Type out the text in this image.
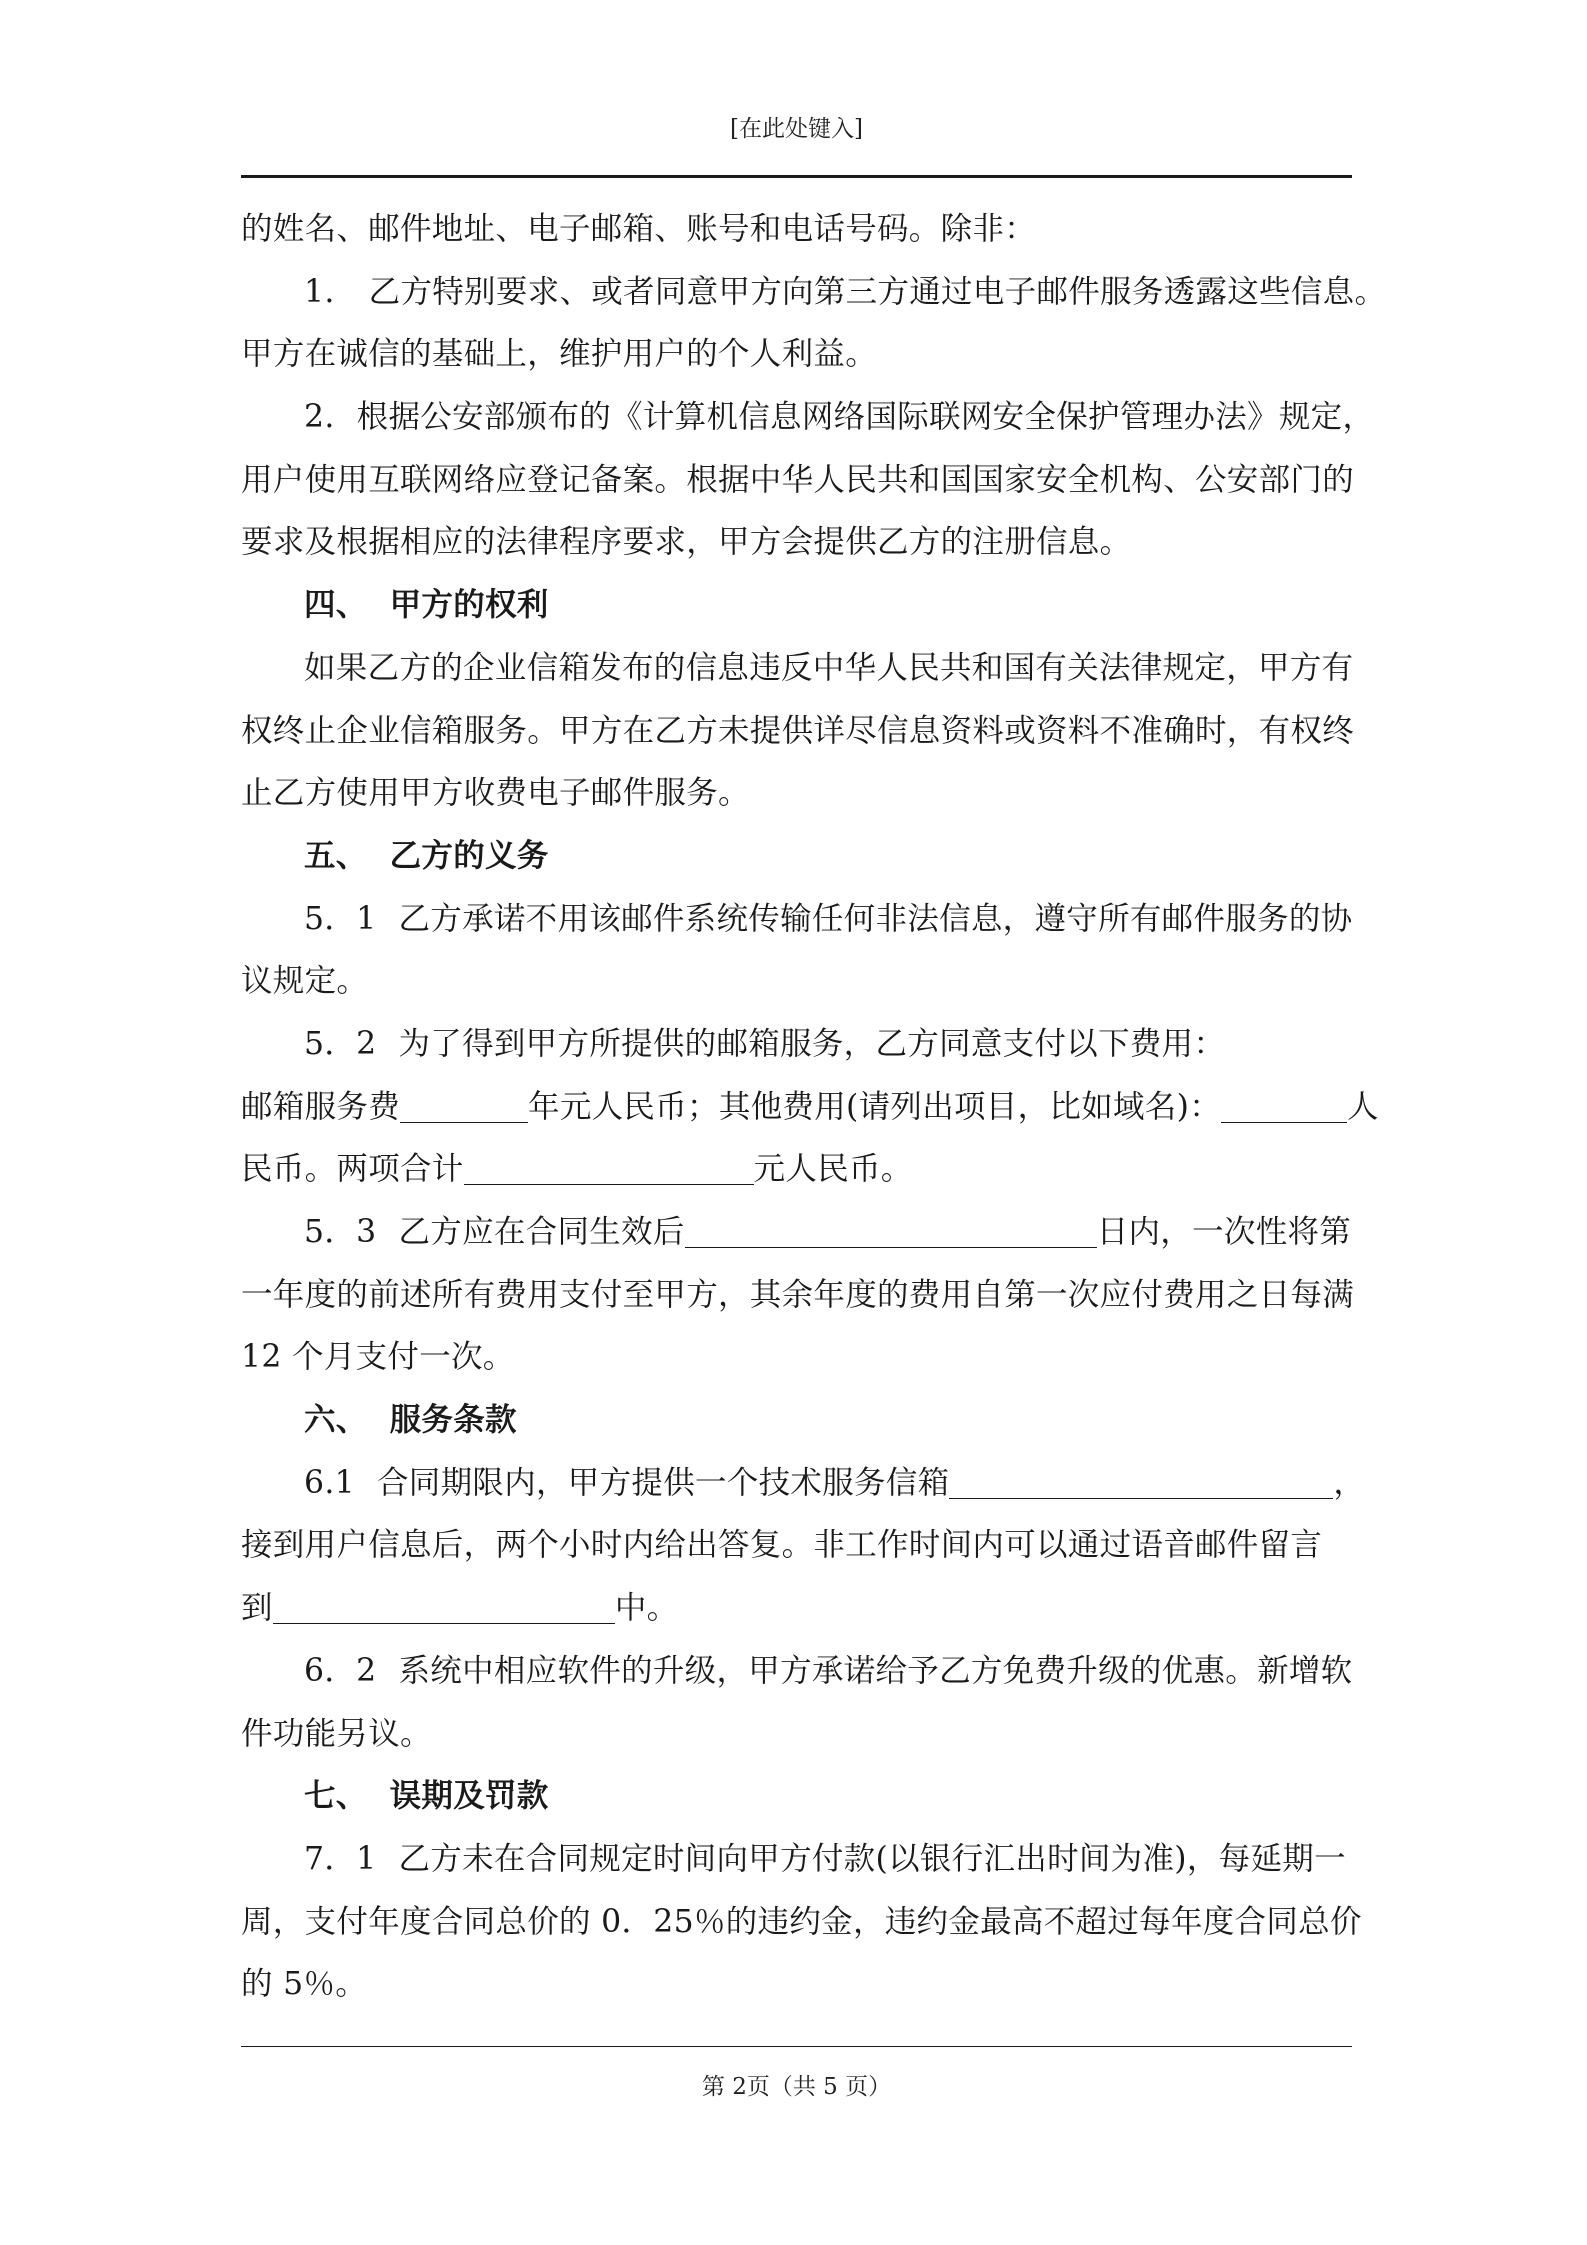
[在此处键入]
的姓名、邮件地址、电子邮箱、账号和电话号码。除非：
1. 乙方特别要求、或者同意甲方向第三方通过电子邮件服务透露这些信息。
甲方在诚信的基础上，维护用户的个人利益。
2. 根据公安部颁布的《计算机信息网络国际联网安全保护管理办法》规定，
用户使用互联网络应登记备案。根据中华人民共和国国家安全机构、公安部门的
要求及根据相应的法律程序要求，甲方会提供乙方的注册信息。
四、 甲方的权利
如果乙方的企业信箱发布的信息违反中华人民共和国有关法律规定，甲方有
权终止企业信箱服务。甲方在乙方未提供详尽信息资料或资料不准确时，有权终
止乙方使用甲方收费电子邮件服务。
五、 乙方的义务
5．1 乙方承诺不用该邮件系统传输任何非法信息，遵守所有邮件服务的协
议规定。
5．2 为了得到甲方所提供的邮箱服务，乙方同意支付以下费用：
邮箱服务费	年元人民币；其他费用(请列出项目，比如域名)：	人
民币。两项合计	元人民币。
5．3 乙方应在合同生效后	日内，一次性将第
一年度的前述所有费用支付至甲方，其余年度的费用自第一次应付费用之日每满
12 个月支付一次。
六、 服务条款
6.1 合同期限内，甲方提供一个技术服务信箱	，
接到用户信息后，两个小时内给出答复。非工作时间内可以通过语音邮件留言
到	中。
6．2 系统中相应软件的升级，甲方承诺给予乙方免费升级的优惠。新增软
件功能另议。
七、 误期及罚款
7．1 乙方未在合同规定时间向甲方付款(以银行汇出时间为准)，每延期一
周，支付年度合同总价的 0．25％的违约金，违约金最高不超过每年度合同总价
的 5％。
第 2页（共 5 页）
